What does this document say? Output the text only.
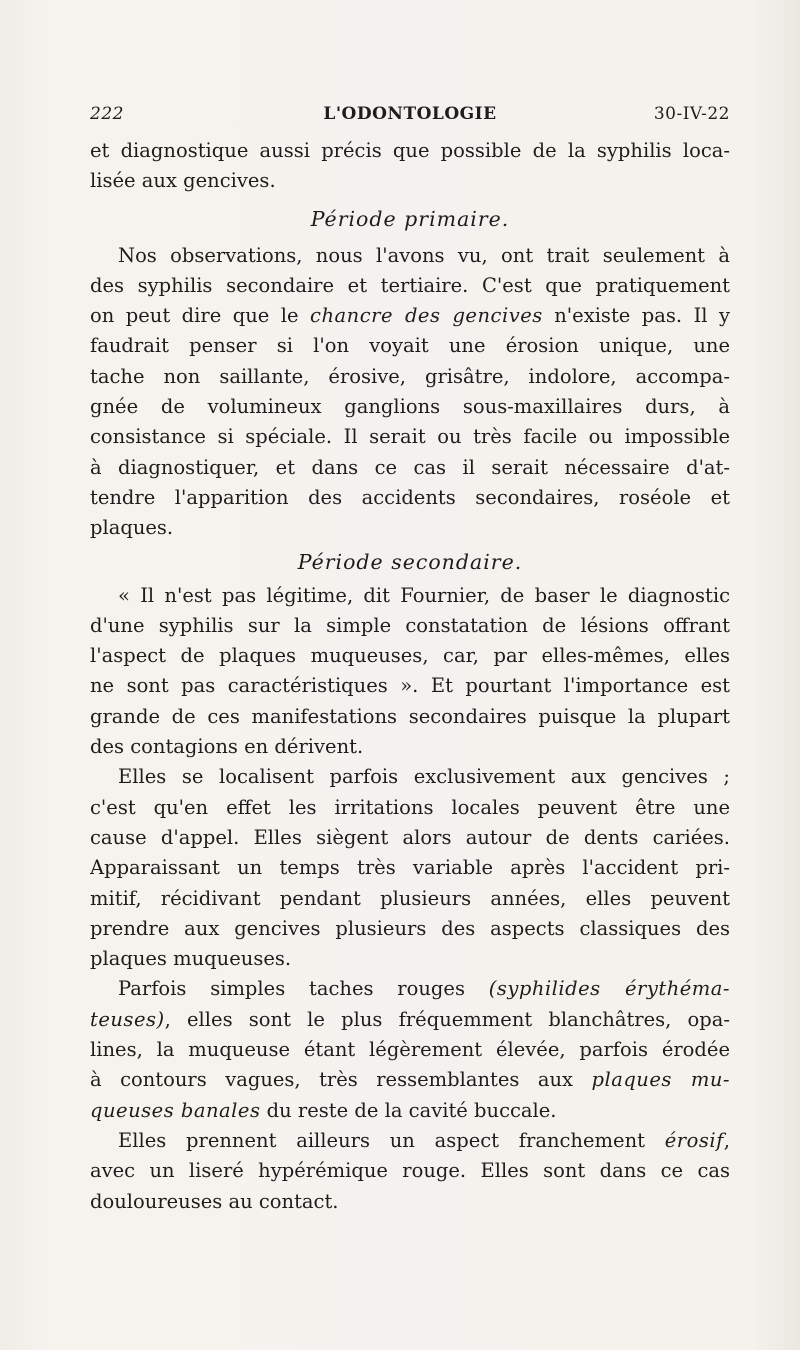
222	L'ODONTOLOGIE	30-IV-22
et diagnostique aussi précis que possible de la syphilis loca-
lisée aux gencives.
Période primaire.
Nos observations, nous l'avons vu, ont trait seulement à
des syphilis secondaire et tertiaire. C'est que pratiquement
on peut dire que le chancre des gencives n'existe pas. Il y
faudrait penser si l'on voyait une érosion unique, une
tache non saillante, érosive, grisâtre, indolore, accompa-
gnée de volumineux ganglions sous-maxillaires durs, à
consistance si spéciale. Il serait ou très facile ou impossible
à diagnostiquer, et dans ce cas il serait nécessaire d'at-
tendre l'apparition des accidents secondaires, roséole et
plaques.
Période secondaire.
« Il n'est pas légitime, dit Fournier, de baser le diagnostic
d'une syphilis sur la simple constatation de lésions offrant
l'aspect de plaques muqueuses, car, par elles-mêmes, elles
ne sont pas caractéristiques ». Et pourtant l'importance est
grande de ces manifestations secondaires puisque la plupart
des contagions en dérivent.
Elles se localisent parfois exclusivement aux gencives ;
c'est qu'en effet les irritations locales peuvent être une
cause d'appel. Elles siègent alors autour de dents cariées.
Apparaissant un temps très variable après l'accident pri-
mitif, récidivant pendant plusieurs années, elles peuvent
prendre aux gencives plusieurs des aspects classiques des
plaques muqueuses.
Parfois simples taches rouges (syphilides érythéma-
teuses), elles sont le plus fréquemment blanchâtres, opa-
lines, la muqueuse étant légèrement élevée, parfois érodée
à contours vagues, très ressemblantes aux plaques mu-
queuses banales du reste de la cavité buccale.
Elles prennent ailleurs un aspect franchement érosif,
avec un liseré hypérémique rouge. Elles sont dans ce cas
douloureuses au contact.
